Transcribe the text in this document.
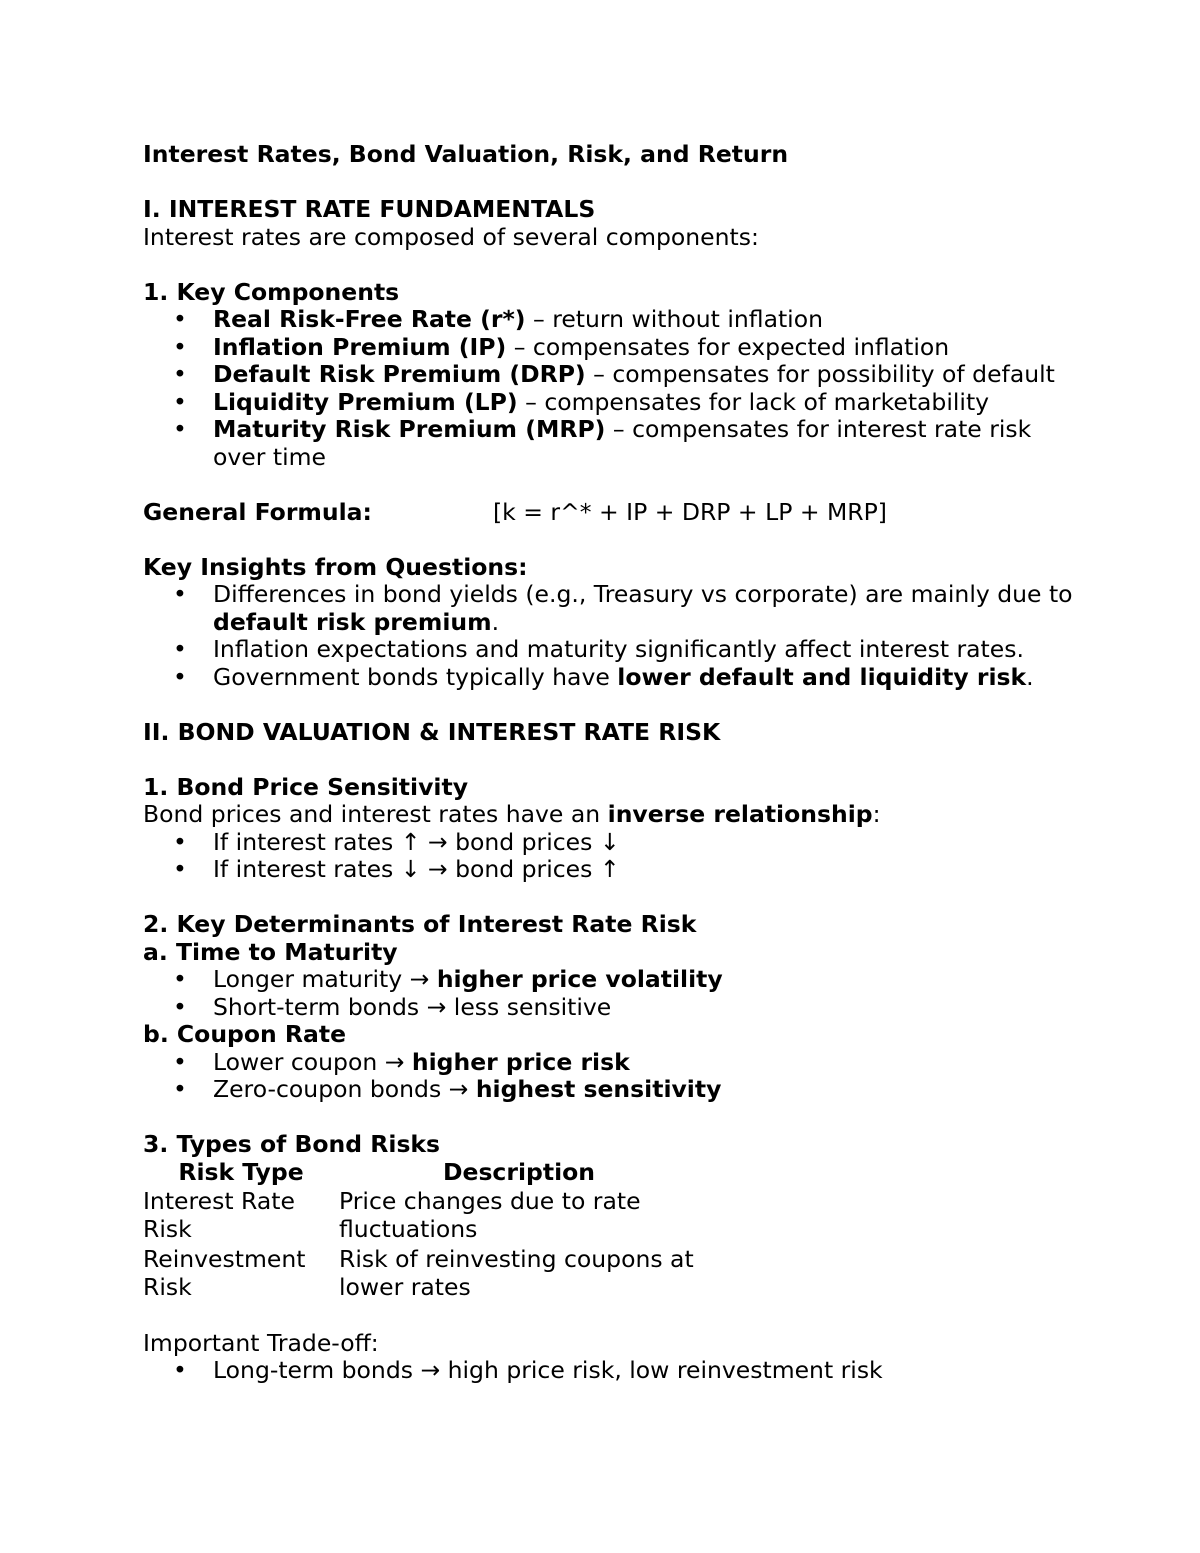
Interest Rates, Bond Valuation, Risk, and Return

I. INTEREST RATE FUNDAMENTALS

Interest rates are composed of several components:

1. Key Components

• Real Risk-Free Rate (r*) – return without inflation
• Inflation Premium (IP) – compensates for expected inflation
• Default Risk Premium (DRP) – compensates for possibility of default
• Liquidity Premium (LP) – compensates for lack of marketability
• Maturity Risk Premium (MRP) – compensates for interest rate risk over time
General Formula:	[k = r^* + IP + DRP + LP + MRP]

Key Insights from Questions:

• Differences in bond yields (e.g., Treasury vs corporate) are mainly due to default risk premium.
• Inflation expectations and maturity significantly affect interest rates.
• Government bonds typically have lower default and liquidity risk.

II. BOND VALUATION & INTEREST RATE RISK

1. Bond Price Sensitivity

Bond prices and interest rates have an inverse relationship:

• If interest rates ↑ → bond prices ↓
• If interest rates ↓ → bond prices ↑

2. Key Determinants of Interest Rate Risk

a. Time to Maturity

• Longer maturity → higher price volatility
• Short-term bonds → less sensitive

b. Coupon Rate

• Lower coupon → higher price risk
• Zero-coupon bonds → highest sensitivity

3. Types of Bond Risks

Risk Type	Description
Interest Rate Risk	Price changes due to rate fluctuations
Reinvestment Risk	Risk of reinvesting coupons at lower rates

Important Trade-off:

• Long-term bonds → high price risk, low reinvestment risk
